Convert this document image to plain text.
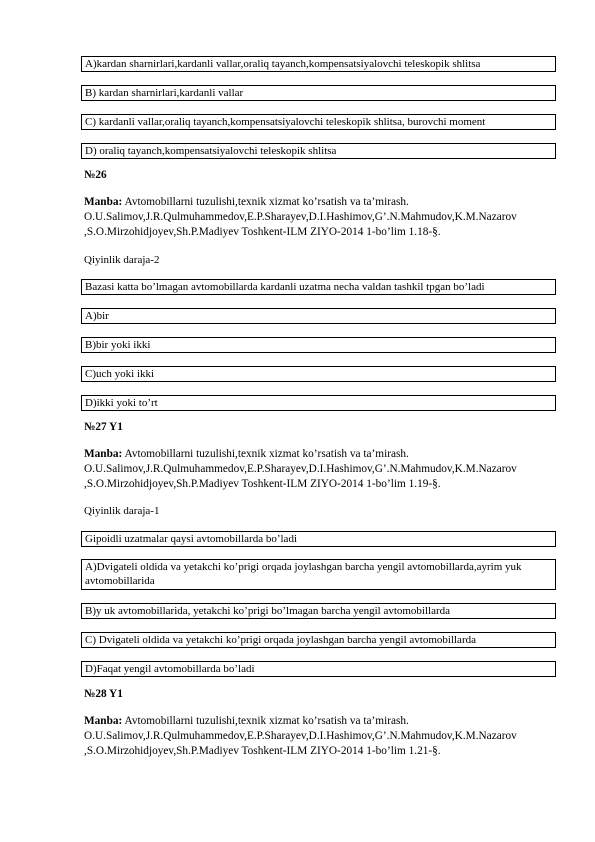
A)kardan sharnirlari,kardanli vallar,oraliq tayanch,kompensatsiyalovchi teleskopik shlitsa
B) kardan sharnirlari,kardanli vallar
C) kardanli vallar,oraliq tayanch,kompensatsiyalovchi teleskopik shlitsa, burovchi moment
D) oraliq tayanch,kompensatsiyalovchi teleskopik shlitsa
№26
Manba: Avtomobillarni tuzulishi,texnik xizmat ko’rsatish va ta’mirash. O.U.Salimov,J.R.Qulmuhammedov,E.P.Sharayev,D.I.Hashimov,G’.N.Mahmudov,K.M.Nazarov ,S.O.Mirzohidjoyev,Sh.P.Madiyev Toshkent-ILM ZIYO-2014 1-bo’lim 1.18-§.
Qiyinlik daraja-2
Bazasi katta bo’lmagan avtomobillarda kardanli uzatma necha valdan tashkil tpgan bo’ladi
A)bir
B)bir yoki ikki
C)uch yoki ikki
D)ikki yoki to’rt
№27 Y1
Manba: Avtomobillarni tuzulishi,texnik xizmat ko’rsatish va ta’mirash. O.U.Salimov,J.R.Qulmuhammedov,E.P.Sharayev,D.I.Hashimov,G’.N.Mahmudov,K.M.Nazarov ,S.O.Mirzohidjoyev,Sh.P.Madiyev Toshkent-ILM ZIYO-2014 1-bo’lim 1.19-§.
Qiyinlik daraja-1
Gipoidli uzatmalar qaysi avtomobillarda bo’ladi
A)Dvigateli oldida va yetakchi ko’prigi orqada joylashgan barcha yengil avtomobillarda,ayrim yuk avtomobillarida
B)y uk avtomobillarida, yetakchi ko’prigi bo’lmagan barcha yengil avtomobillarda
C) Dvigateli oldida va yetakchi ko’prigi orqada joylashgan barcha yengil avtomobillarda
D)Faqat yengil avtomobillarda bo’ladi
№28 Y1
Manba: Avtomobillarni tuzulishi,texnik xizmat ko’rsatish va ta’mirash. O.U.Salimov,J.R.Qulmuhammedov,E.P.Sharayev,D.I.Hashimov,G’.N.Mahmudov,K.M.Nazarov ,S.O.Mirzohidjoyev,Sh.P.Madiyev Toshkent-ILM ZIYO-2014 1-bo’lim 1.21-§.
